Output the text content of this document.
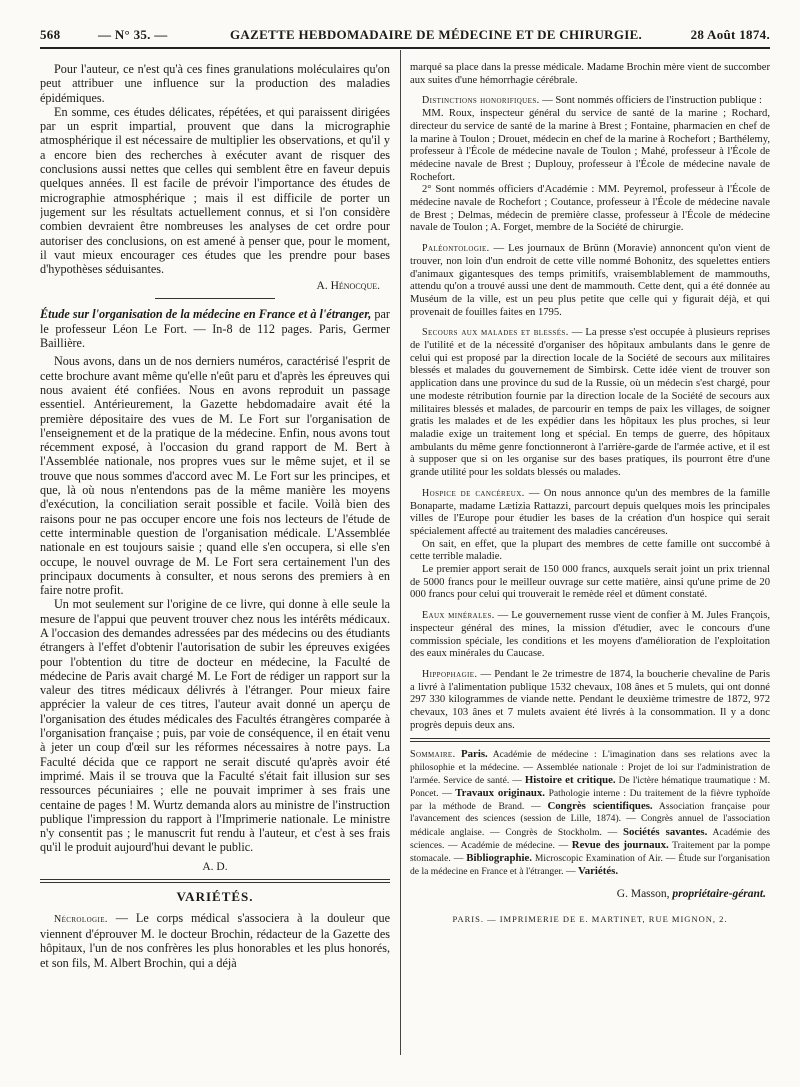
568	— N° 35. —	GAZETTE HEBDOMADAIRE DE MÉDECINE ET DE CHIRURGIE.	28 Août 1874.

Pour l'auteur, ce n'est qu'à ces fines granulations moléculaires qu'on peut attribuer une influence sur la production des maladies épidémiques.

En somme, ces études délicates, répétées, et qui paraissent dirigées par un esprit impartial, prouvent que dans la micrographie atmosphérique il est nécessaire de multiplier les observations, et qu'il y a encore bien des recherches à exécuter avant de risquer des conclusions aussi nettes que celles qui semblent être en faveur depuis quelques années. Il est facile de prévoir l'importance des études de micrographie atmosphérique ; mais il est difficile de porter un jugement sur les résultats actuellement connus, et si l'on considère combien devraient être nombreuses les analyses de cet ordre pour autoriser des conclusions, on est amené à penser que, pour le moment, il vaut mieux encourager ces études que les prendre pour bases d'hypothèses séduisantes.

A. Hénocque.

Étude sur l'organisation de la médecine en France et à l'étranger, par le professeur Léon Le Fort. — In-8 de 112 pages. Paris, Germer Baillière.

Nous avons, dans un de nos derniers numéros, caractérisé l'esprit de cette brochure avant même qu'elle n'eût paru et d'après les épreuves qui nous avaient été confiées. Nous en avons reproduit un passage essentiel. Antérieurement, la Gazette hebdomadaire avait été la première dépositaire des vues de M. Le Fort sur l'organisation de l'enseignement et de la pratique de la médecine. Enfin, nous avons tout récemment exposé, à l'occasion du grand rapport de M. Bert à l'Assemblée nationale, nos propres vues sur le même sujet, et il se trouve que nous sommes d'accord avec M. Le Fort sur les principes, et que, là où nous n'entendons pas de la même manière les moyens d'exécution, la conciliation serait possible et facile. Voilà bien des raisons pour ne pas occuper encore une fois nos lecteurs de l'étude de cette interminable question de l'organisation médicale. L'Assemblée nationale en est toujours saisie ; quand elle s'en occupera, si elle s'en occupe, le nouvel ouvrage de M. Le Fort sera certainement l'un des principaux documents à consulter, et nous serons des premiers à en faire notre profit.

Un mot seulement sur l'origine de ce livre, qui donne à elle seule la mesure de l'appui que peuvent trouver chez nous les intérêts médicaux. A l'occasion des demandes adressées par des médecins ou des étudiants étrangers à l'effet d'obtenir l'autorisation de subir les épreuves exigées pour l'obtention du titre de docteur en médecine, la Faculté de médecine de Paris avait chargé M. Le Fort de rédiger un rapport sur la valeur des titres médicaux délivrés à l'étranger. Pour mieux faire apprécier la valeur de ces titres, l'auteur avait donné un aperçu de l'organisation des études médicales des Facultés étrangères comparée à l'organisation française ; puis, par voie de conséquence, il en était venu à jeter un coup d'œil sur les réformes nécessaires à notre pays. La Faculté décida que ce rapport ne serait discuté qu'après avoir été imprimé. Mais il se trouva que la Faculté s'était fait illusion sur ses ressources pécuniaires ; elle ne pouvait imprimer à ses frais une centaine de pages ! M. Wurtz demanda alors au ministre de l'instruction publique l'impression du rapport à l'Imprimerie nationale. Le ministre n'y consentit pas ; le manuscrit fut rendu à l'auteur, et c'est à ses frais qu'il le produit aujourd'hui devant le public.

A. D.
VARIÉTÉS.

Nécrologie. — Le corps médical s'associera à la douleur que viennent d'éprouver M. le docteur Brochin, rédacteur de la Gazette des hôpitaux, l'un de nos confrères les plus honorables et les plus honorés, et son fils, M. Albert Brochin, qui a déjà

marqué sa place dans la presse médicale. Madame Brochin mère vient de succomber aux suites d'une hémorrhagie cérébrale.

Distinctions honorifiques. — Sont nommés officiers de l'instruction publique :

MM. Roux, inspecteur général du service de santé de la marine ; Rochard, directeur du service de santé de la marine à Brest ; Fontaine, pharmacien en chef de la marine à Toulon ; Drouet, médecin en chef de la marine à Rochefort ; Barthélemy, professeur à l'École de médecine navale de Toulon ; Mahé, professeur à l'École de médecine navale de Brest ; Duplouy, professeur à l'École de médecine navale de Rochefort.

2° Sont nommés officiers d'Académie : MM. Peyremol, professeur à l'École de médecine navale de Rochefort ; Coutance, professeur à l'École de médecine navale de Brest ; Delmas, médecin de première classe, professeur à l'École de médecine navale de Toulon ; A. Forget, membre de la Société de chirurgie.

Paléontologie. — Les journaux de Brünn (Moravie) annoncent qu'on vient de trouver, non loin d'un endroit de cette ville nommé Bohonitz, des squelettes entiers d'animaux gigantesques des temps primitifs, vraisemblablement de mammouths, attendu qu'on a trouvé aussi une dent de mammouth. Cette dent, qui a été donnée au Muséum de la ville, est un peu plus petite que celle qui y figurait déjà, et qui provenait de fouilles faites en 1795.

Secours aux malades et blessés. — La presse s'est occupée à plusieurs reprises de l'utilité et de la nécessité d'organiser des hôpitaux ambulants dans le genre de celui qui est proposé par la direction locale de la Société de secours aux militaires blessés et malades du gouvernement de Simbirsk. Cette idée vient de trouver son application dans une province du sud de la Russie, où un médecin s'est chargé, pour une modeste rétribution fournie par la direction locale de la Société de secours aux militaires blessés et malades, de parcourir en temps de paix les villages, de soigner gratis les malades et de les expédier dans les hôpitaux les plus proches, si leur maladie exige un traitement long et spécial. En temps de guerre, des hôpitaux ambulants du même genre fonctionneront à l'arrière-garde de l'armée active, et il est à supposer que si on les organise sur des bases pratiques, ils pourront être d'une grande utilité pour les soldats blessés ou malades.

Hospice de cancéreux. — On nous annonce qu'un des membres de la famille Bonaparte, madame Lætizia Rattazzi, parcourt depuis quelques mois les principales villes de l'Europe pour étudier les bases de la création d'un hospice qui serait spécialement affecté au traitement des maladies cancéreuses.

On sait, en effet, que la plupart des membres de cette famille ont succombé à cette terrible maladie.

Le premier apport serait de 150 000 francs, auxquels serait joint un prix triennal de 5000 francs pour le meilleur ouvrage sur cette matière, ainsi qu'une prime de 20 000 francs pour celui qui trouverait le remède réel et dûment constaté.

Eaux minérales. — Le gouvernement russe vient de confier à M. Jules François, inspecteur général des mines, la mission d'étudier, avec le concours d'une commission spéciale, les conditions et les moyens d'amélioration de l'exploitation des eaux minérales du Caucase.

Hippophagie. — Pendant le 2e trimestre de 1874, la boucherie chevaline de Paris a livré à l'alimentation publique 1532 chevaux, 108 ânes et 5 mulets, qui ont donné 297 330 kilogrammes de viande nette. Pendant le deuxième trimestre de 1872, 972 chevaux, 103 ânes et 7 mulets avaient été livrés à la consommation. Il y a donc progrès depuis deux ans.

Sommaire. Paris. Académie de médecine : L'imagination dans ses relations avec la philosophie et la médecine. — Assemblée nationale : Projet de loi sur l'administration de l'armée. Service de santé. — Histoire et critique. De l'ictère hématique traumatique : M. Poncet. — Travaux originaux. Pathologie interne : Du traitement de la fièvre typhoïde par la méthode de Brand. — Congrès scientifiques. Association française pour l'avancement des sciences (session de Lille, 1874). — Congrès annuel de l'association médicale anglaise. — Congrès de Stockholm. — Sociétés savantes. Académie des sciences. — Académie de médecine. — Revue des journaux. Traitement par la pompe stomacale. — Bibliographie. Microscopic Examination of Air. — Étude sur l'organisation de la médecine en France et à l'étranger. — Variétés.

G. Masson, propriétaire-gérant.
PARIS. — IMPRIMERIE DE E. MARTINET, RUE MIGNON, 2.
